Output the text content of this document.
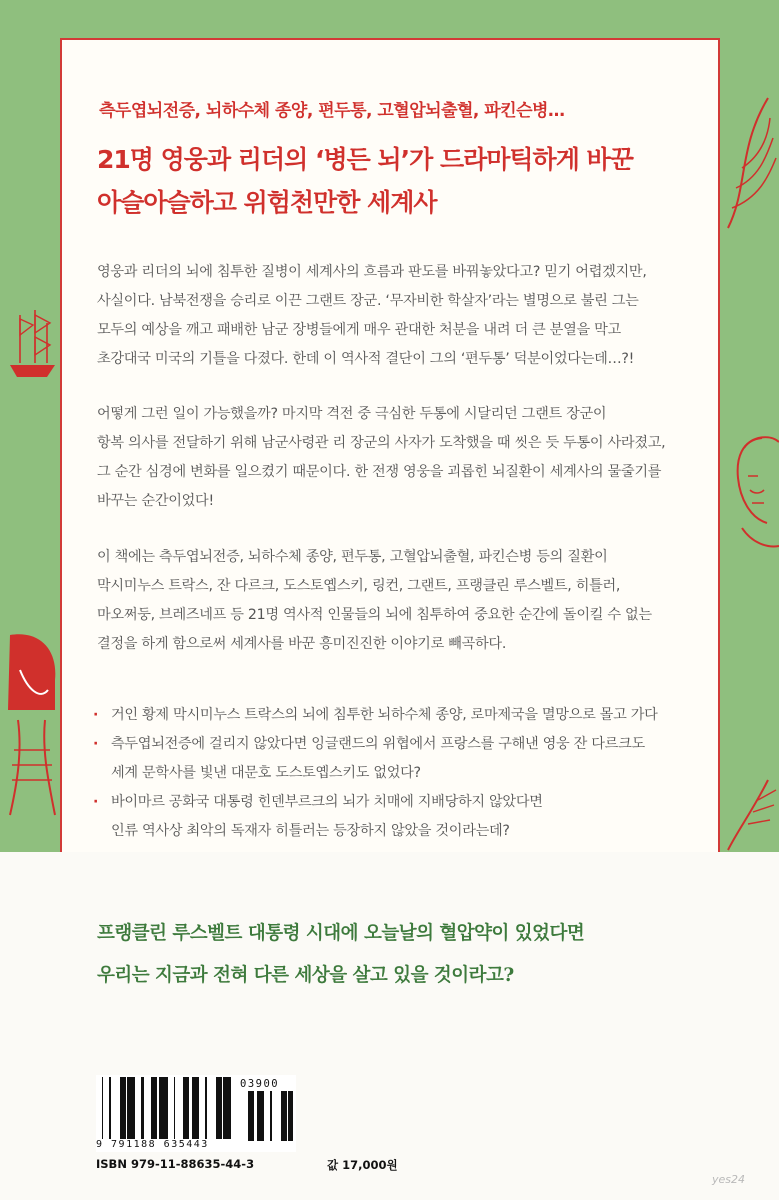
측두엽뇌전증, 뇌하수체 종양, 편두통, 고혈압뇌출혈, 파킨슨병…
21명 영웅과 리더의 ‘병든 뇌’가 드라마틱하게 바꾼
아슬아슬하고 위험천만한 세계사
영웅과 리더의 뇌에 침투한 질병이 세계사의 흐름과 판도를 바꿔놓았다고? 믿기 어렵겠지만,
사실이다. 남북전쟁을 승리로 이끈 그랜트 장군. ‘무자비한 학살자’라는 별명으로 불린 그는
모두의 예상을 깨고 패배한 남군 장병들에게 매우 관대한 처분을 내려 더 큰 분열을 막고
초강대국 미국의 기틀을 다졌다. 한데 이 역사적 결단이 그의 ‘편두통’ 덕분이었다는데…?!
어떻게 그런 일이 가능했을까? 마지막 격전 중 극심한 두통에 시달리던 그랜트 장군이
항복 의사를 전달하기 위해 남군사령관 리 장군의 사자가 도착했을 때 씻은 듯 두통이 사라졌고,
그 순간 심경에 변화를 일으켰기 때문이다. 한 전쟁 영웅을 괴롭힌 뇌질환이 세계사의 물줄기를
바꾸는 순간이었다!
이 책에는 측두엽뇌전증, 뇌하수체 종양, 편두통, 고혈압뇌출혈, 파킨슨병 등의 질환이
막시미누스 트락스, 잔 다르크, 도스토옙스키, 링컨, 그랜트, 프랭클린 루스벨트, 히틀러,
마오쩌둥, 브레즈네프 등 21명 역사적 인물들의 뇌에 침투하여 중요한 순간에 돌이킬 수 없는
결정을 하게 함으로써 세계사를 바꾼 흥미진진한 이야기로 빼곡하다.
· 거인 황제 막시미누스 트락스의 뇌에 침투한 뇌하수체 종양, 로마제국을 멸망으로 몰고 가다
· 측두엽뇌전증에 걸리지 않았다면 잉글랜드의 위협에서 프랑스를 구해낸 영웅 잔 다르크도
세계 문학사를 빛낸 대문호 도스토옙스키도 없었다?
· 바이마르 공화국 대통령 힌덴부르크의 뇌가 치매에 지배당하지 않았다면
인류 역사상 최악의 독재자 히틀러는 등장하지 않았을 것이라는데?
프랭클린 루스벨트 대통령 시대에 오늘날의 혈압약이 있었다면
우리는 지금과 전혀 다른 세상을 살고 있을 것이라고?
9 791188 635443
03900
ISBN 979-11-88635-44-3	값 17,000원
yes24
